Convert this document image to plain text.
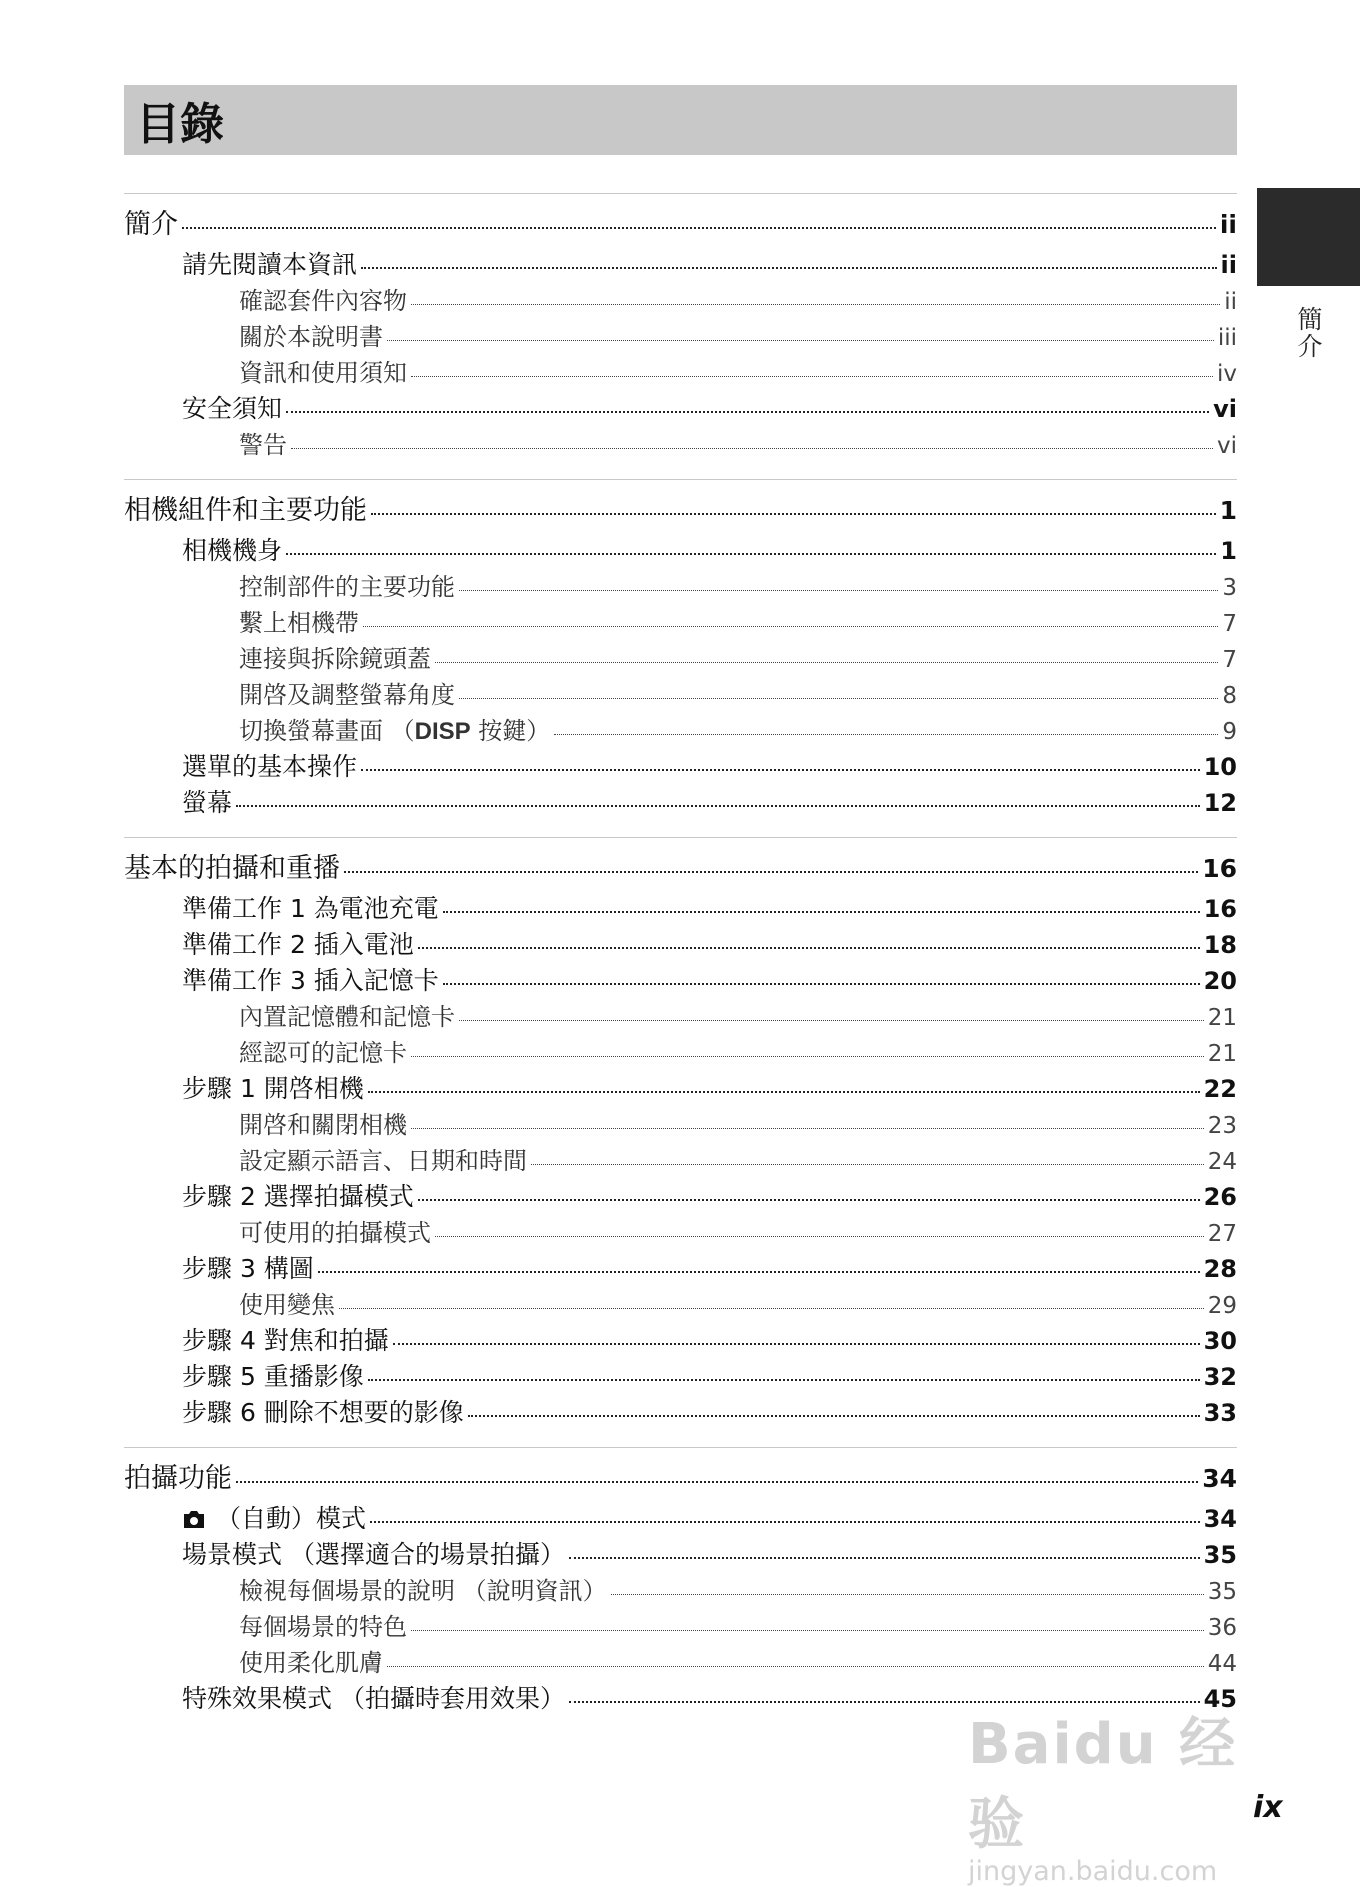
目錄
簡介
簡介	ii
請先閱讀本資訊	ii
確認套件內容物	ii
關於本說明書	iii
資訊和使用須知	iv
安全須知	vi
警告	vi
相機組件和主要功能	1
相機機身	1
控制部件的主要功能	3
繫上相機帶	7
連接與拆除鏡頭蓋	7
開啓及調整螢幕角度	8
切換螢幕畫面 （DISP 按鍵）	9
選單的基本操作	10
螢幕	12
基本的拍攝和重播	16
準備工作 1 為電池充電	16
準備工作 2 插入電池	18
準備工作 3 插入記憶卡	20
內置記憶體和記憶卡	21
經認可的記憶卡	21
步驟 1 開啓相機	22
開啓和關閉相機	23
設定顯示語言、日期和時間	24
步驟 2 選擇拍攝模式	26
可使用的拍攝模式	27
步驟 3 構圖	28
使用變焦	29
步驟 4 對焦和拍攝	30
步驟 5 重播影像	32
步驟 6 刪除不想要的影像	33
拍攝功能	34
（自動）模式	34
場景模式 （選擇適合的場景拍攝）	35
檢視每個場景的說明 （說明資訊）	35
每個場景的特色	36
使用柔化肌膚	44
特殊效果模式 （拍攝時套用效果）	45
Baidu 经验
jingyan.baidu.com
ix
